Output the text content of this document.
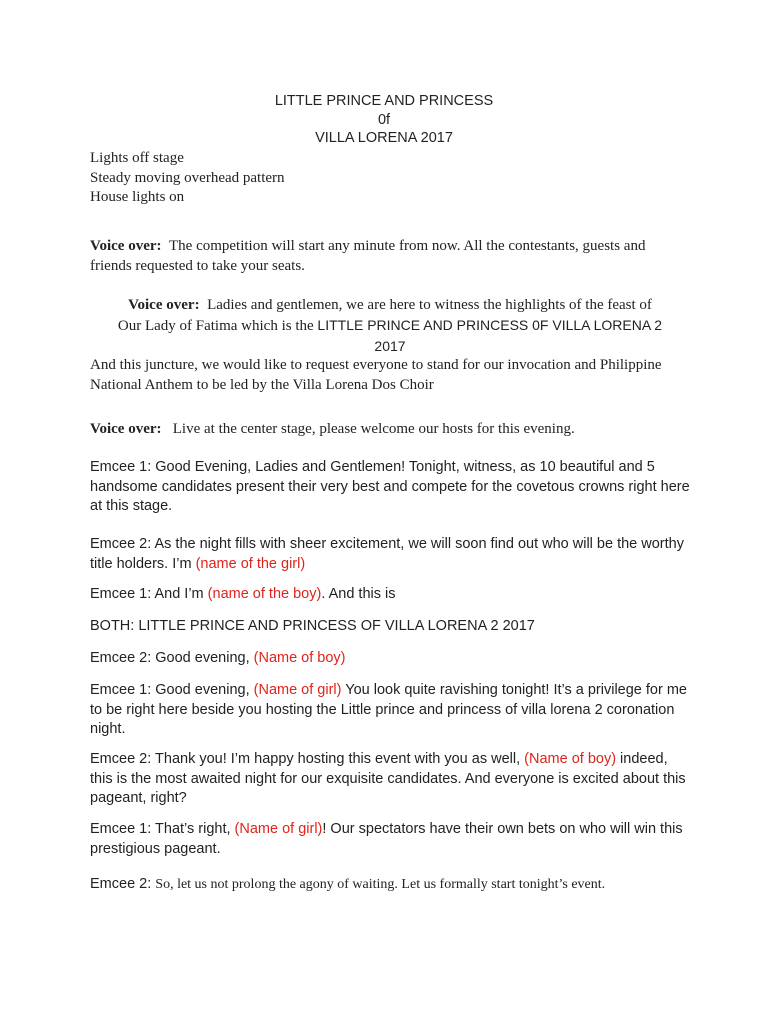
LITTLE PRINCE AND PRINCESS
0f
VILLA LORENA 2017
Lights off stage
Steady moving overhead pattern
House lights on
Voice over: The competition will start any minute from now. All the contestants, guests and friends requested to take your seats.
Voice over: Ladies and gentlemen, we are here to witness the highlights of the feast of
Our Lady of Fatima which is the LITTLE PRINCE AND PRINCESS 0F VILLA LORENA 2
2017
And this juncture, we would like to request everyone to stand for our invocation and Philippine National Anthem to be led by the Villa Lorena Dos Choir
Voice over: Live at the center stage, please welcome our hosts for this evening.
Emcee 1: Good Evening, Ladies and Gentlemen! Tonight, witness, as 10 beautiful and 5 handsome candidates present their very best and compete for the covetous crowns right here at this stage.
Emcee 2: As the night fills with sheer excitement, we will soon find out who will be the worthy title holders. I’m (name of the girl)
Emcee 1: And I’m (name of the boy). And this is
BOTH: LITTLE PRINCE AND PRINCESS OF VILLA LORENA 2 2017
Emcee 2: Good evening, (Name of boy)
Emcee 1: Good evening, (Name of girl) You look quite ravishing tonight! It’s a privilege for me to be right here beside you hosting the Little prince and princess of villa lorena 2 coronation night.
Emcee 2: Thank you! I’m happy hosting this event with you as well, (Name of boy) indeed, this is the most awaited night for our exquisite candidates. And everyone is excited about this pageant, right?
Emcee 1: That’s right, (Name of girl)! Our spectators have their own bets on who will win this prestigious pageant.
Emcee 2: So, let us not prolong the agony of waiting. Let us formally start tonight’s event.
